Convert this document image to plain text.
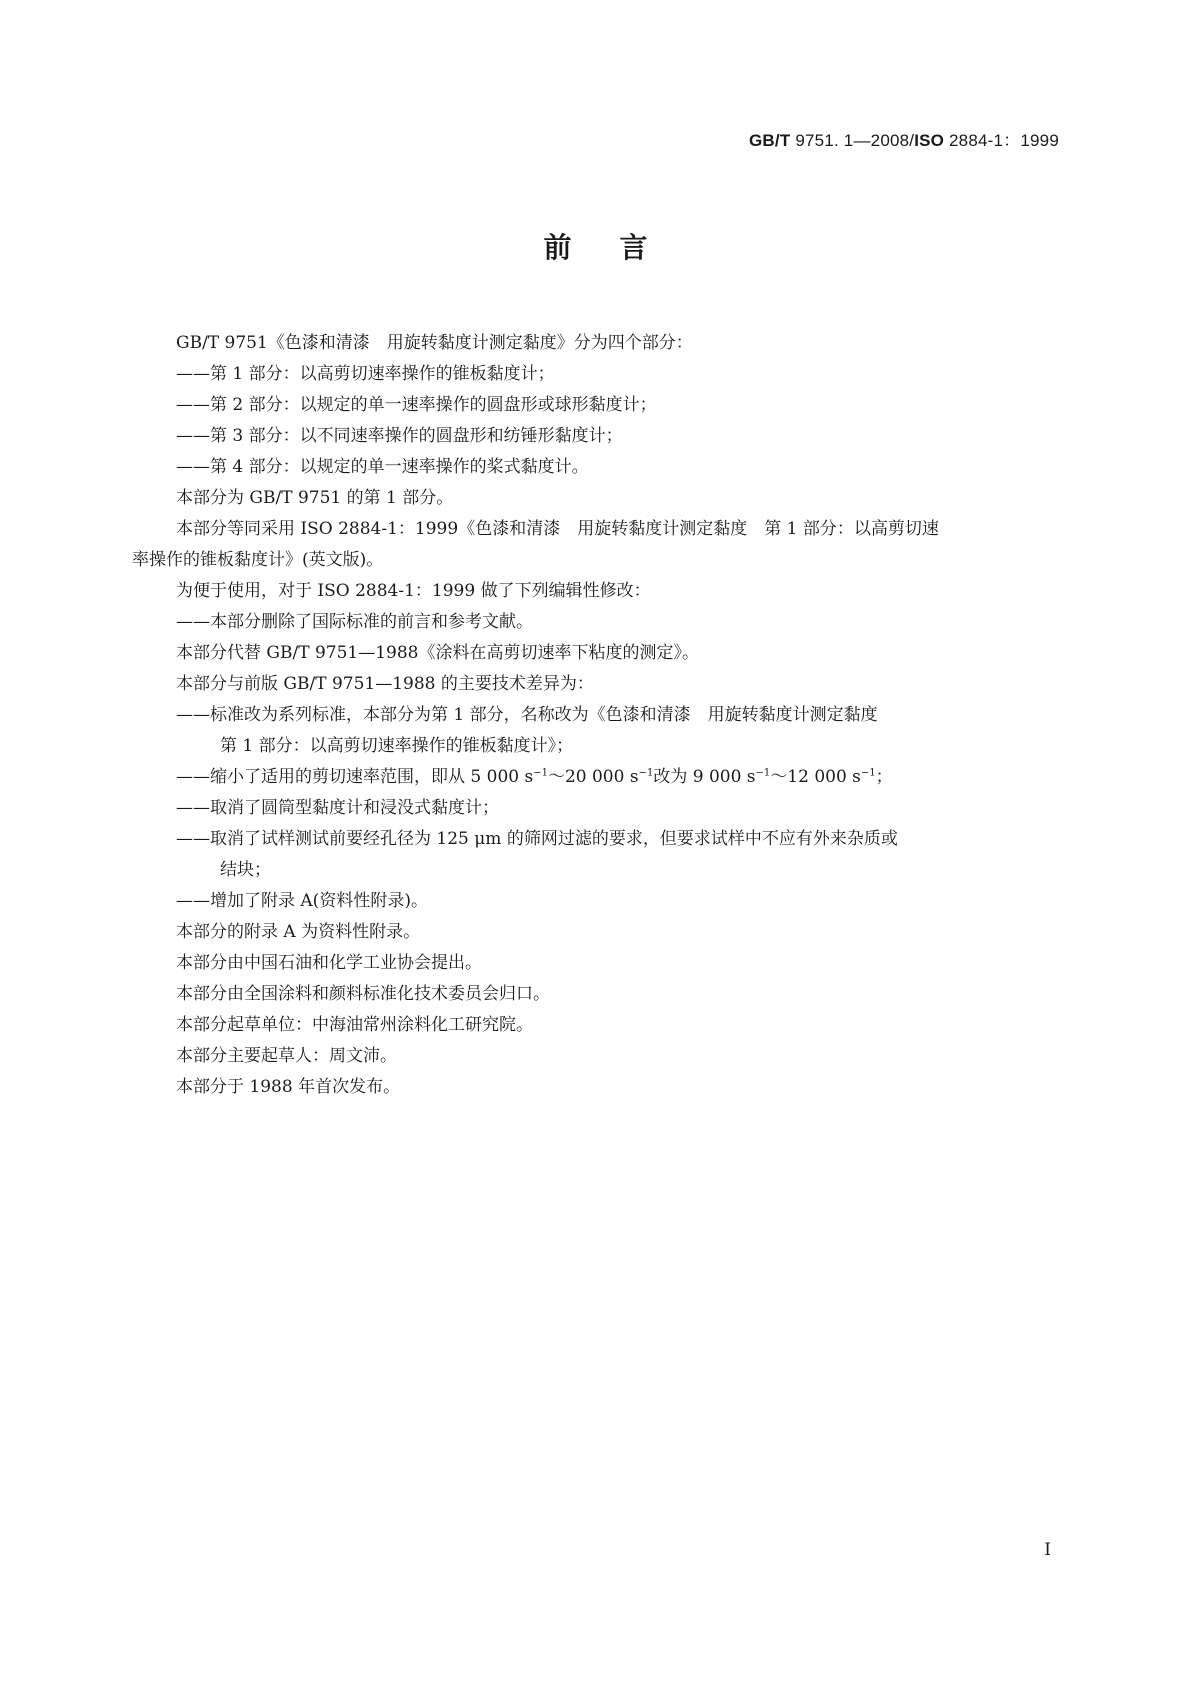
GB/T 9751. 1—2008/ISO 2884-1：1999
前言
GB/T 9751《色漆和清漆　用旋转黏度计测定黏度》分为四个部分：
——第 1 部分：以高剪切速率操作的锥板黏度计；
——第 2 部分：以规定的单一速率操作的圆盘形或球形黏度计；
——第 3 部分：以不同速率操作的圆盘形和纺锤形黏度计；
——第 4 部分：以规定的单一速率操作的桨式黏度计。
本部分为 GB/T 9751 的第 1 部分。
本部分等同采用 ISO 2884-1：1999《色漆和清漆　用旋转黏度计测定黏度　第 1 部分：以高剪切速
率操作的锥板黏度计》(英文版)。
为便于使用，对于 ISO 2884-1：1999 做了下列编辑性修改：
——本部分删除了国际标准的前言和参考文献。
本部分代替 GB/T 9751—1988《涂料在高剪切速率下粘度的测定》。
本部分与前版 GB/T 9751—1988 的主要技术差异为：
——标准改为系列标准，本部分为第 1 部分，名称改为《色漆和清漆　用旋转黏度计测定黏度
第 1 部分：以高剪切速率操作的锥板黏度计》；
——缩小了适用的剪切速率范围，即从 5 000 $s^{-1}\sim 20$ 000 $s^{-1}$改为 9 000 $s^{-1}\sim 12$ 000 $s^{-1}$；
——取消了圆筒型黏度计和浸没式黏度计；
——取消了试样测试前要经孔径为 125 μm 的筛网过滤的要求，但要求试样中不应有外来杂质或
结块；
——增加了附录 A(资料性附录)。
本部分的附录 A 为资料性附录。
本部分由中国石油和化学工业协会提出。
本部分由全国涂料和颜料标准化技术委员会归口。
本部分起草单位：中海油常州涂料化工研究院。
本部分主要起草人：周文沛。
本部分于 1988 年首次发布。
I
